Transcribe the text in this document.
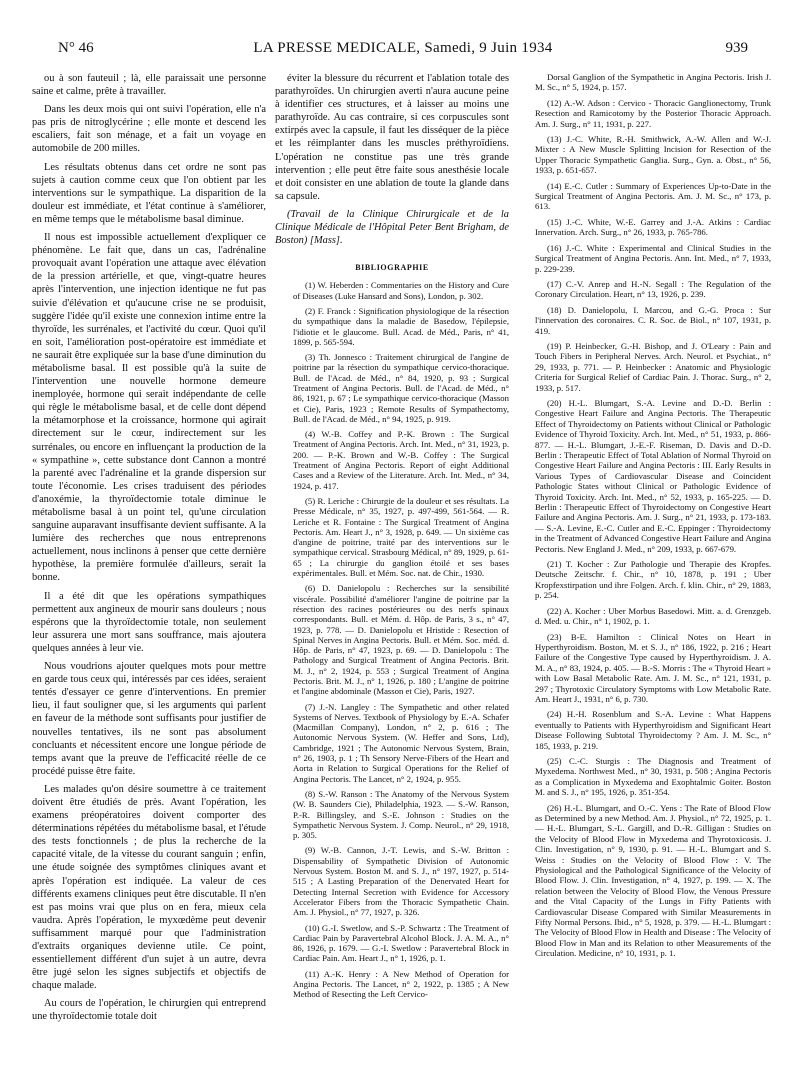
N° 46	LA PRESSE MEDICALE, Samedi, 9 Juin 1934	939

ou à son fauteuil ; là, elle paraissait une personne saine et calme, prête à travailler.

Dans les deux mois qui ont suivi l'opération, elle n'a pas pris de nitroglycérine ; elle monte et descend les escaliers, fait son ménage, et a fait un voyage en automobile de 200 milles.

Les résultats obtenus dans cet ordre ne sont pas sujets à caution comme ceux que l'on obtient par les interventions sur le sympathique. La disparition de la douleur est immédiate, et l'état continue à s'améliorer, en même temps que le métabolisme basal diminue.

Il nous est impossible actuellement d'expliquer ce phénomène. Le fait que, dans un cas, l'adrénaline provoquait avant l'opération une attaque avec élévation de la pression artérielle, et que, vingt-quatre heures après l'intervention, une injection identique ne fut pas suivie d'élévation et qu'aucune crise ne se produisit, suggère l'idée qu'il existe une connexion intime entre la thyroïde, les surrénales, et l'activité du cœur. Quoi qu'il en soit, l'amélioration post-opératoire est immédiate et ne saurait être expliquée sur la base d'une diminution du métabolisme basal. Il est possible qu'à la suite de l'intervention une nouvelle hormone demeure inemployée, hormone qui serait indépendante de celle qui règle le métabolisme basal, et de celle dont dépend la métamorphose et la croissance, hormone qui agirait directement sur le cœur, indirectement sur les surrénales, ou encore en influençant la production de la « sympathine », cette substance dont Cannon a montré la parenté avec l'adrénaline et la grande dispersion sur toute l'économie. Les crises traduisent des périodes d'anoxémie, la thyroïdectomie totale diminue le métabolisme basal à un point tel, qu'une circulation sanguine auparavant insuffisante devient suffisante. A la lumière des recherches que nous entreprenons actuellement, nous inclinons à penser que cette dernière hypothèse, la première formulée d'ailleurs, serait la bonne.

Il a été dit que les opérations sympathiques permettent aux angineux de mourir sans douleurs ; nous espérons que la thyroïdectomie totale, non seulement leur assurera une mort sans souffrance, mais ajoutera quelques années à leur vie.

Nous voudrions ajouter quelques mots pour mettre en garde tous ceux qui, intéressés par ces idées, seraient tentés d'essayer ce genre d'interventions. En premier lieu, il faut souligner que, si les arguments qui parlent en faveur de la méthode sont suffisants pour justifier de nouvelles tentatives, ils ne sont pas absolument concluants et nécessitent encore une longue période de temps avant que la preuve de l'efficacité réelle de ce procédé puisse être faite.

Les malades qu'on désire soumettre à ce traitement doivent être étudiés de près. Avant l'opération, les examens préopératoires doivent comporter des déterminations répétées du métabolisme basal, et l'étude des tests fonctionnels ; de plus la recherche de la capacité vitale, de la vitesse du courant sanguin ; enfin, une étude soignée des symptômes cliniques avant et après l'opération est indiquée. La valeur de ces différents examens cliniques peut être discutable. Il n'en est pas moins vrai que plus on en fera, mieux cela vaudra. Après l'opération, le myxœdème peut devenir suffisamment marqué pour que l'administration d'extraits organiques devienne utile. Ce point, essentiellement différent d'un sujet à un autre, devra être jugé selon les signes subjectifs et objectifs de chaque malade.

Au cours de l'opération, le chirurgien qui entreprend une thyroïdectomie totale doit

éviter la blessure du récurrent et l'ablation totale des parathyroïdes. Un chirurgien averti n'aura aucune peine à identifier ces structures, et à laisser au moins une parathyroïde. Au cas contraire, si ces corpuscules sont extirpés avec la capsule, il faut les disséquer de la pièce et les réimplanter dans les muscles préthyroïdiens. L'opération ne constitue pas une très grande intervention ; elle peut être faite sous anesthésie locale et doit consister en une ablation de toute la glande dans sa capsule.

(Travail de la Clinique Chirurgicale et de la Clinique Médicale de l'Hôpital Peter Bent Brigham, de Boston) [Mass].

BIBLIOGRAPHIE

(1) W. Heberden : Commentaries on the History and Cure of Diseases (Luke Hansard and Sons), London, p. 302.

(2) F. Franck : Signification physiologique de la résection du sympathique dans la maladie de Basedow, l'épilepsie, l'idiotie et le glaucome. Bull. Acad. de Méd., Paris, n° 41, 1899, p. 565-594.

(3) Th. Jonnesco : Traitement chirurgical de l'angine de poitrine par la résection du sympathique cervico-thoracique. Bull. de l'Acad. de Méd., n° 84, 1920, p. 93 ; Surgical Treatment of Angina Pectoris. Bull. de l'Acad. de Méd., n° 86, 1921, p. 67 ; Le sympathique cervico-thoracique (Masson et Cie), Paris, 1923 ; Remote Results of Sympathectomy, Bull. de l'Acad. de Méd., n° 94, 1925, p. 919.

(4) W.-B. Coffey and P.-K. Brown : The Surgical Treatment of Angina Pectoris. Arch. Int. Med., n° 31, 1923, p. 200. — P.-K. Brown and W.-B. Coffey : The Surgical Treatment of Angina Pectoris. Report of eight Additional Cases and a Review of the Literature. Arch. Int. Med., n° 34, 1924, p. 417.

(5) R. Leriche : Chirurgie de la douleur et ses résultats. La Presse Médicale, n° 35, 1927, p. 497-499, 561-564. — R. Leriche et R. Fontaine : The Surgical Treatment of Angina Pectoris. Am. Heart J., n° 3, 1928, p. 649. — Un sixième cas d'angine de poitrine, traité par des interventions sur le sympathique cervical. Strasbourg Médical, n° 89, 1929, p. 61-65 ; La chirurgie du ganglion étoilé et ses bases expérimentales. Bull. et Mém. Soc. nat. de Chir., 1930.

(6) D. Danielopolu : Recherches sur la sensibilité viscérale. Possibilité d'améliorer l'angine de poitrine par la résection des racines postérieures ou des nerfs spinaux correspondants. Bull. et Mém. d. Hôp. de Paris, 3 s., n° 47, 1923, p. 778. — D. Danielopolu et Hristide : Resection of Spinal Nerves in Angina Pectoris. Bull. et Mém. Soc. méd. d. Hôp. de Paris, n° 47, 1923, p. 69. — D. Danielopolu : The Pathology and Surgical Treatment of Angina Pectoris. Brit. M. J., n° 2, 1924, p. 553 ; Surgical Treatment of Angina Pectoris. Brit. M. J., n° 1, 1926, p. 180 ; L'angine de poitrine et l'angine abdominale (Masson et Cie), Paris, 1927.

(7) J.-N. Langley : The Sympathetic and other related Systems of Nerves. Textbook of Physiology by E.-A. Schafer (Macmillan Company), London, n° 2, p. 616 ; The Autonomic Nervous System. (W. Heffer and Sons, Ltd), Cambridge, 1921 ; The Autonomic Nervous System, Brain, n° 26, 1903, p. 1 ; Th Sensory Nerve-Fibers of the Heart and Aorta in Relation to Surgical Operations for the Relief of Angina Pectoris. The Lancet, n° 2, 1924, p. 955.

(8) S.-W. Ranson : The Anatomy of the Nervous System (W. B. Saunders Cie), Philadelphia, 1923. — S.-W. Ranson, P.-R. Billingsley, and S.-E. Johnson : Studies on the Sympathetic Nervous System. J. Comp. Neurol., n° 29, 1918, p. 305.

(9) W.-B. Cannon, J.-T. Lewis, and S.-W. Britton : Dispensability of Sympathetic Division of Autonomic Nervous System. Boston M. and S. J., n° 197, 1927, p. 514-515 ; A Lasting Preparation of the Denervated Heart for Detecting Internal Secretion with Evidence for Accessory Accelerator Fibers from the Thoracic Sympathetic Chain. Am. J. Physiol., n° 77, 1927, p. 326.

(10) G.-I. Swetlow, and S.-P. Schwartz : The Treatment of Cardiac Pain by Paravertebral Alcohol Block. J. A. M. A., n° 86, 1926, p. 1679. — G.-I. Swetlow : Paravertebral Block in Cardiac Pain. Am. Heart J., n° 1, 1926, p. 1.

(11) A.-K. Henry : A New Method of Operation for Angina Pectoris. The Lancet, n° 2, 1922, p. 1385 ; A New Method of Resecting the Left Cervico-

Dorsal Ganglion of the Sympathetic in Angina Pectoris. Irish J. M. Sc., n° 5, 1924, p. 157.

(12) A.-W. Adson : Cervico - Thoracic Ganglionectomy, Trunk Resection and Ramicotomy by the Posterior Thoracic Approach. Am. J. Surg., n° 11, 1931, p. 227.

(13) J.-C. White, R.-H. Smithwick, A.-W. Allen and W.-J. Mixter : A New Muscle Splitting Incision for Resection of the Upper Thoracic Sympathetic Ganglia. Surg., Gyn. a. Obst., n° 56, 1933, p. 651-657.

(14) E.-C. Cutler : Summary of Experiences Up-to-Date in the Surgical Treatment of Angina Pectoris. Am. J. M. Sc., n° 173, p. 613.

(15) J.-C. White, W.-E. Garrey and J.-A. Atkins : Cardiac Innervation. Arch. Surg., n° 26, 1933, p. 765-786.

(16) J.-C. White : Experimental and Clinical Studies in the Surgical Treatment of Angina Pectoris. Ann. Int. Med., n° 7, 1933, p. 229-239.

(17) C.-V. Anrep and H.-N. Segall : The Regulation of the Coronary Circulation. Heart, n° 13, 1926, p. 239.

(18) D. Danielopolu, I. Marcou, and G.-G. Proca : Sur l'innervation des coronaires. C. R. Soc. de Biol., n° 107, 1931, p. 419.

(19) P. Heinbecker, G.-H. Bishop, and J. O'Leary : Pain and Touch Fibers in Peripheral Nerves. Arch. Neurol. et Psychiat., n° 29, 1933, p. 771. — P. Heinbecker : Anatomic and Physiologic Criteria for Surgical Relief of Cardiac Pain. J. Thorac. Surg., n° 2, 1933, p. 517.

(20) H.-L. Blumgart, S.-A. Levine and D.-D. Berlin : Congestive Heart Failure and Angina Pectoris. The Therapeutic Effect of Thyroidectomy on Patients without Clinical or Pathologic Evidence of Thyroid Toxicity. Arch. Int. Med., n° 51, 1933, p. 866-877. — H.-L. Blumgart, J.-E.-F. Riseman, D. Davis and D.-D. Berlin : Therapeutic Effect of Total Ablation of Normal Thyroid on Congestive Heart Failure and Angina Pectoris : III. Early Results in Various Types of Cardiovascular Disease and Coincident Pathologic States without Clinical or Pathologic Evidence of Thyroid Toxicity. Arch. Int. Med., n° 52, 1933, p. 165-225. — D. Berlin : Therapeutic Effect of Thyroidectomy on Congestive Heart Failure and Angina Pectoris. Am. J. Surg., n° 21, 1933, p. 173-183. — S.-A. Levine, E.-C. Cutler and E.-C. Eppinger : Thyroidectomy in the Treatment of Advanced Congestive Heart Failure and Angina Pectoris. New England J. Med., n° 209, 1933, p. 667-679.

(21) T. Kocher : Zur Pathologie und Therapie des Kropfes. Deutsche Zeitschr. f. Chir., n° 10, 1878, p. 191 ; Uber Kropfexstirpation und ihre Folgen. Arch. f. klin. Chir., n° 29, 1883, p. 254.

(22) A. Kocher : Uber Morbus Basedowi. Mitt. a. d. Grenzgeb. d. Med. u. Chir., n° 1, 1902, p. 1.

(23) B-E. Hamilton : Clinical Notes on Heart in Hyperthyroidism. Boston, M. et S. J., n° 186, 1922, p. 216 ; Heart Failure of the Congestive Type caused by Hyperthyroidism. J. A. M. A., n° 83, 1924, p. 405. — B.-S. Morris : The « Thyroid Heart » with Low Basal Metabolic Rate. Am. J. M. Sc., n° 121, 1931, p. 297 ; Thyrotoxic Circulatory Symptoms with Low Metabolic Rate. Am. Heart J., 1931, n° 6, p. 730.

(24) H.-H. Rosenblum and S.-A. Levine : What Happens eventually to Patients with Hyperthyroidism and Significant Heart Disease Following Subtotal Thyroidectomy ? Am. J. M. Sc., n° 185, 1933, p. 219.

(25) C.-C. Sturgis : The Diagnosis and Treatment of Myxedema. Northwest Med., n° 30, 1931, p. 508 ; Angina Pectoris as a Complication in Myxedema and Exophtalmic Goiter. Boston M. and S. J., n° 195, 1926, p. 351-354.

(26) H.-L. Blumgart, and O.-C. Yens : The Rate of Blood Flow as Determined by a new Method. Am. J. Physiol., n° 72, 1925, p. 1. — H.-L. Blumgart, S.-L. Gargill, and D.-R. Gilligan : Studies on the Velocity of Blood Flow in Myxedema and Thyrotoxicosis. J. Clin. Investigation, n° 9, 1930, p. 91. — H.-L. Blumgart and S. Weiss : Studies on the Velocity of Blood Flow : V. The Physiological and the Pathological Significance of the Velocity of Blood Flow. J. Clin. Investigation, n° 4, 1927, p. 199. — X. The relation between the Velocity of Blood Flow, the Venous Pressure and the Vital Capacity of the Lungs in Fifty Patients with Cardiovascular Disease Compared with Similar Measurements in Fifty Normal Persons. Ibid., n° 5, 1928, p. 379. — H.-L. Blumgart : The Velocity of Blood Flow in Health and Disease : The Velocity of Blood Flow in Man and its Relation to other Measurements of the Circulation. Medicine, n° 10, 1931, p. 1.
